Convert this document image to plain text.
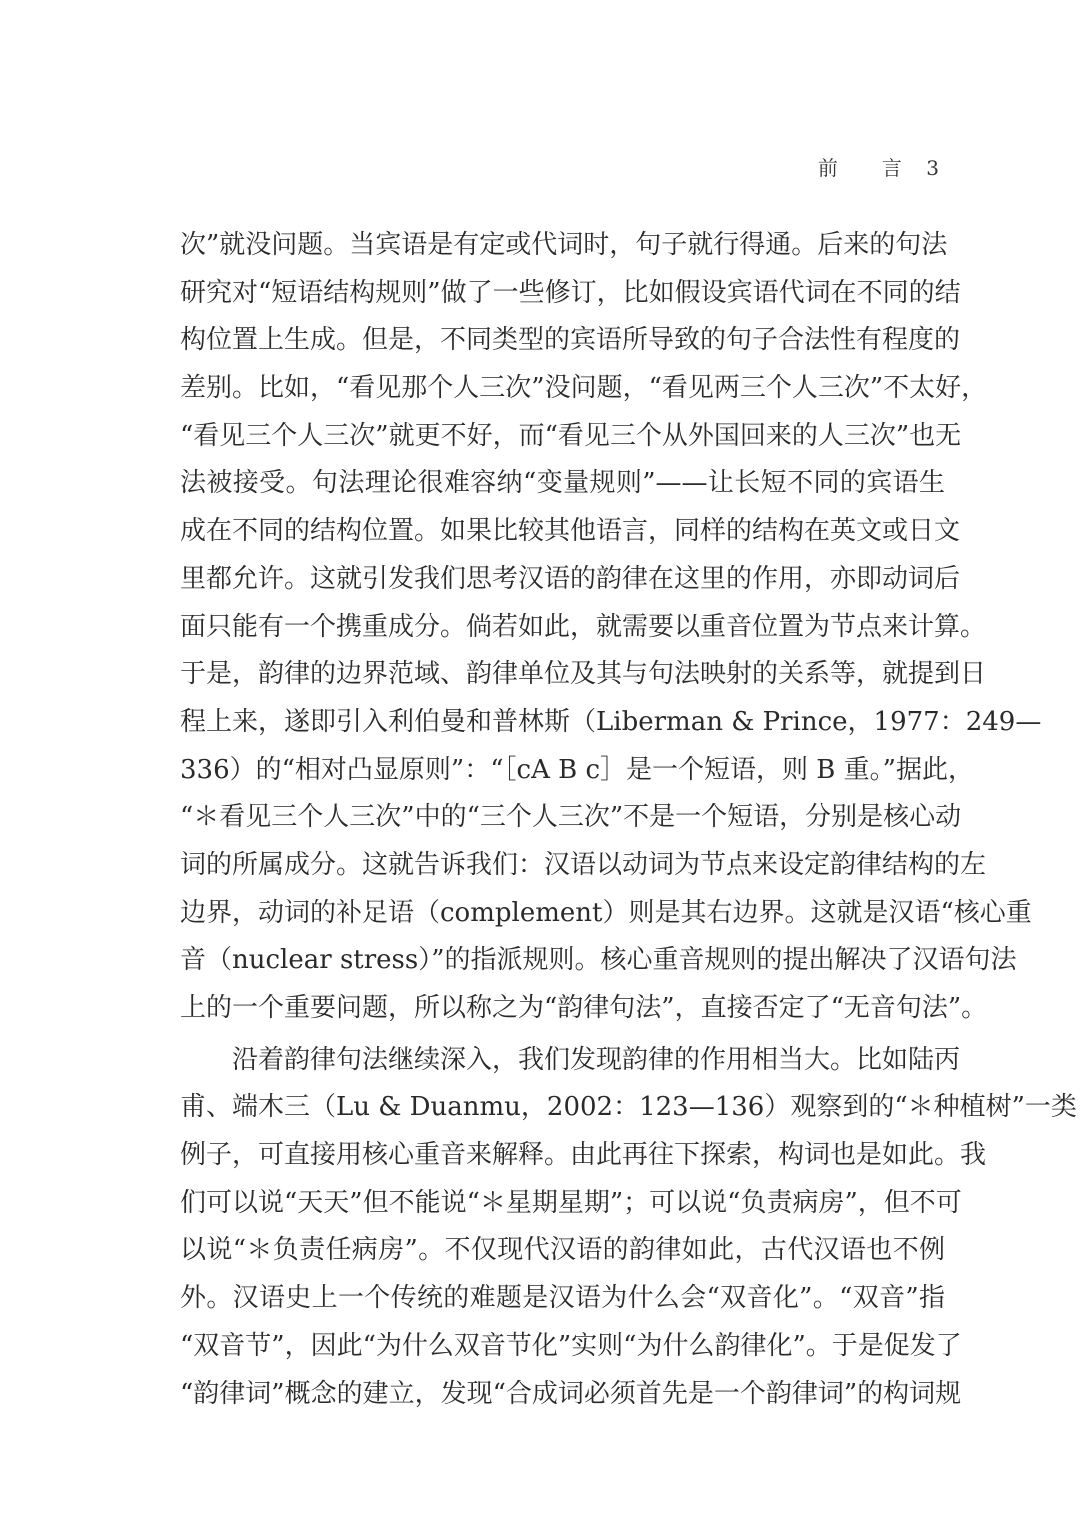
前　言 3
次”就没问题。当宾语是有定或代词时，句子就行得通。后来的句法
研究对“短语结构规则”做了一些修订，比如假设宾语代词在不同的结
构位置上生成。但是，不同类型的宾语所导致的句子合法性有程度的
差别。比如，“看见那个人三次”没问题，“看见两三个人三次”不太好，
“看见三个人三次”就更不好，而“看见三个从外国回来的人三次”也无
法被接受。句法理论很难容纳“变量规则”——让长短不同的宾语生
成在不同的结构位置。如果比较其他语言，同样的结构在英文或日文
里都允许。这就引发我们思考汉语的韵律在这里的作用，亦即动词后
面只能有一个携重成分。倘若如此，就需要以重音位置为节点来计算。
于是，韵律的边界范域、韵律单位及其与句法映射的关系等，就提到日
程上来，遂即引入利伯曼和普林斯（Liberman & Prince，1977：249—
336）的“相对凸显原则”：“［cA B c］是一个短语，则 B 重。”据此，
“＊看见三个人三次”中的“三个人三次”不是一个短语，分别是核心动
词的所属成分。这就告诉我们：汉语以动词为节点来设定韵律结构的左
边界，动词的补足语（complement）则是其右边界。这就是汉语“核心重
音（nuclear stress）”的指派规则。核心重音规则的提出解决了汉语句法
上的一个重要问题，所以称之为“韵律句法”，直接否定了“无音句法”。
沿着韵律句法继续深入，我们发现韵律的作用相当大。比如陆丙
甫、端木三（Lu & Duanmu，2002：123—136）观察到的“＊种植树”一类
例子，可直接用核心重音来解释。由此再往下探索，构词也是如此。我
们可以说“天天”但不能说“＊星期星期”；可以说“负责病房”，但不可
以说“＊负责任病房”。不仅现代汉语的韵律如此，古代汉语也不例
外。汉语史上一个传统的难题是汉语为什么会“双音化”。“双音”指
“双音节”，因此“为什么双音节化”实则“为什么韵律化”。于是促发了
“韵律词”概念的建立，发现“合成词必须首先是一个韵律词”的构词规
